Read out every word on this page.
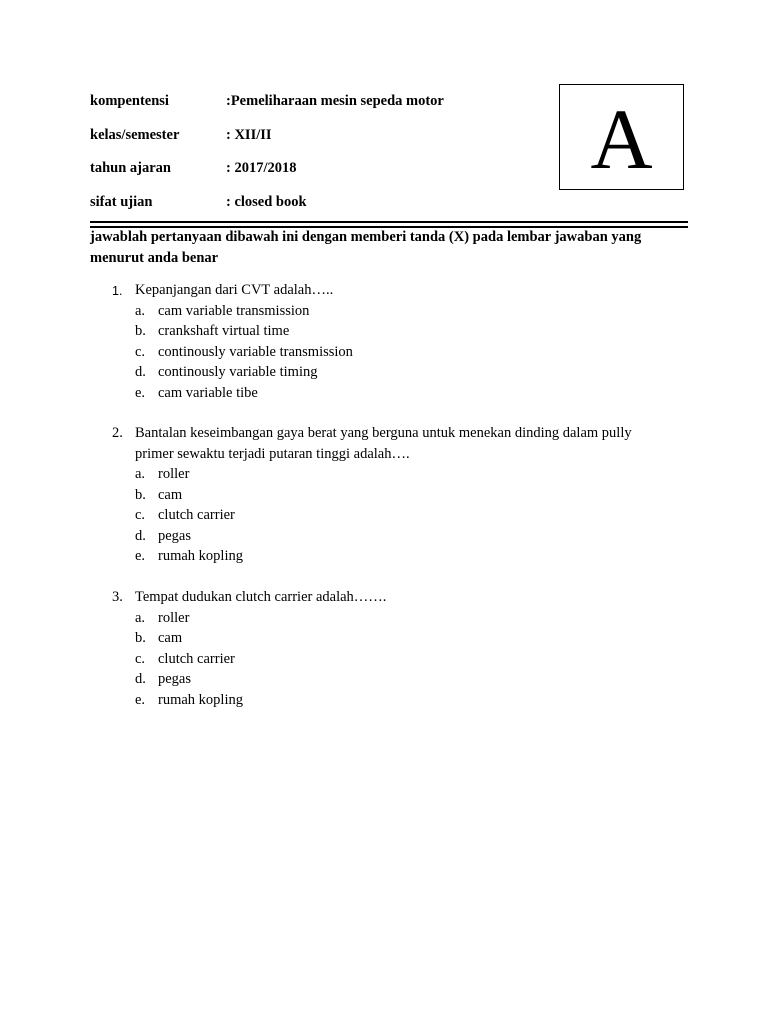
kompentensi	:Pemeliharaan mesin sepeda motor
kelas/semester	: XII/II
tahun ajaran	: 2017/2018
sifat ujian	: closed book
A
jawablah pertanyaan dibawah ini dengan memberi tanda (X) pada lembar jawaban yang menurut anda benar
1. Kepanjangan dari CVT adalah…..
a. cam variable transmission
b. crankshaft virtual time
c. continously variable transmission
d. continously variable timing
e. cam variable tibe
2. Bantalan keseimbangan gaya berat yang berguna untuk menekan dinding dalam pully primer sewaktu terjadi putaran tinggi adalah….
a. roller
b. cam
c. clutch carrier
d. pegas
e. rumah kopling
3. Tempat dudukan clutch carrier adalah…….
a. roller
b. cam
c. clutch carrier
d. pegas
e. rumah kopling
